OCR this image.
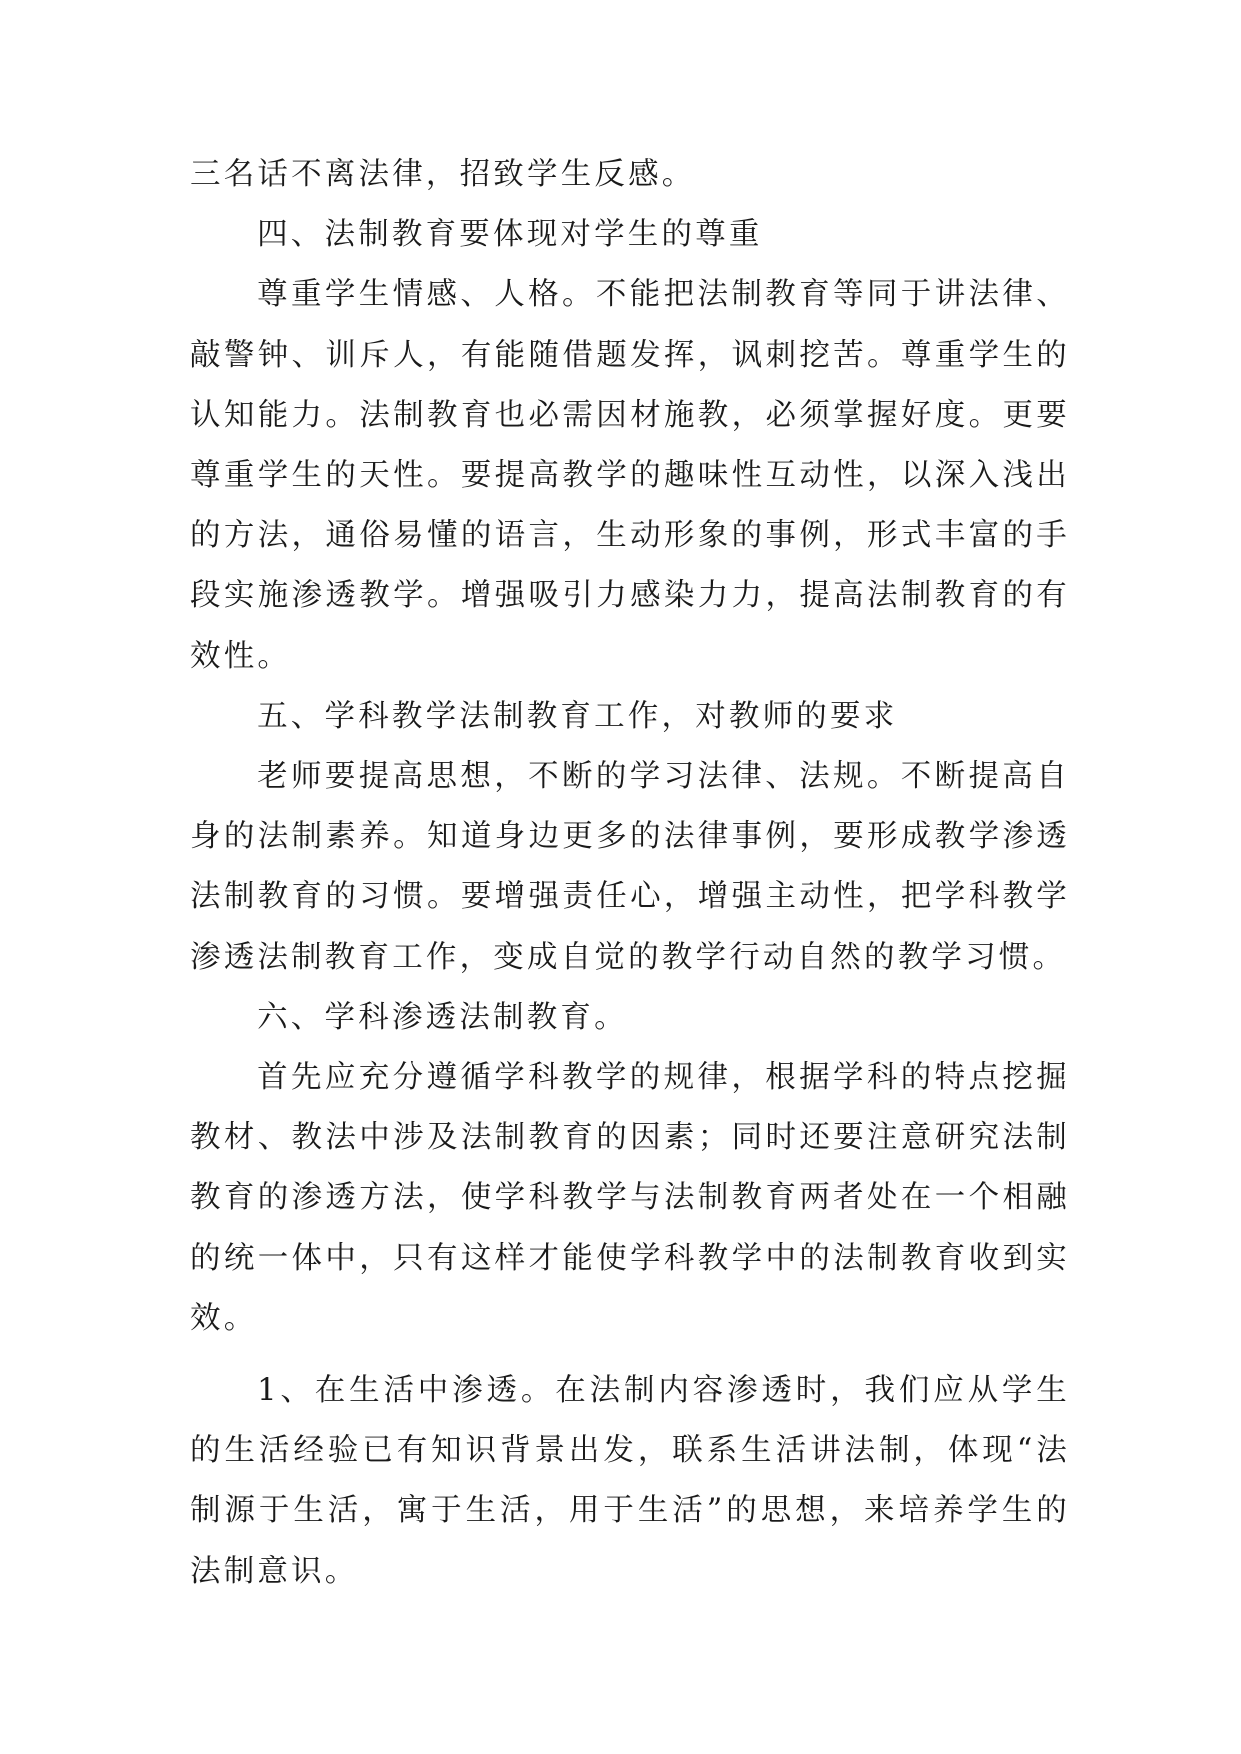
三名话不离法律，招致学生反感。

四、法制教育要体现对学生的尊重

尊重学生情感、人格。不能把法制教育等同于讲法律、敲警钟、训斥人，有能随借题发挥，讽刺挖苦。尊重学生的认知能力。法制教育也必需因材施教，必须掌握好度。更要尊重学生的天性。要提高教学的趣味性互动性，以深入浅出的方法，通俗易懂的语言，生动形象的事例，形式丰富的手段实施渗透教学。增强吸引力感染力力，提高法制教育的有效性。

五、学科教学法制教育工作，对教师的要求

老师要提高思想，不断的学习法律、法规。不断提高自身的法制素养。知道身边更多的法律事例，要形成教学渗透法制教育的习惯。要增强责任心，增强主动性，把学科教学渗透法制教育工作，变成自觉的教学行动自然的教学习惯。

六、学科渗透法制教育。

首先应充分遵循学科教学的规律，根据学科的特点挖掘教材、教法中涉及法制教育的因素；同时还要注意研究法制教育的渗透方法，使学科教学与法制教育两者处在一个相融的统一体中，只有这样才能使学科教学中的法制教育收到实效。

1、在生活中渗透。在法制内容渗透时，我们应从学生的生活经验已有知识背景出发，联系生活讲法制，体现“法制源于生活，寓于生活，用于生活”的思想，来培养学生的法制意识。
